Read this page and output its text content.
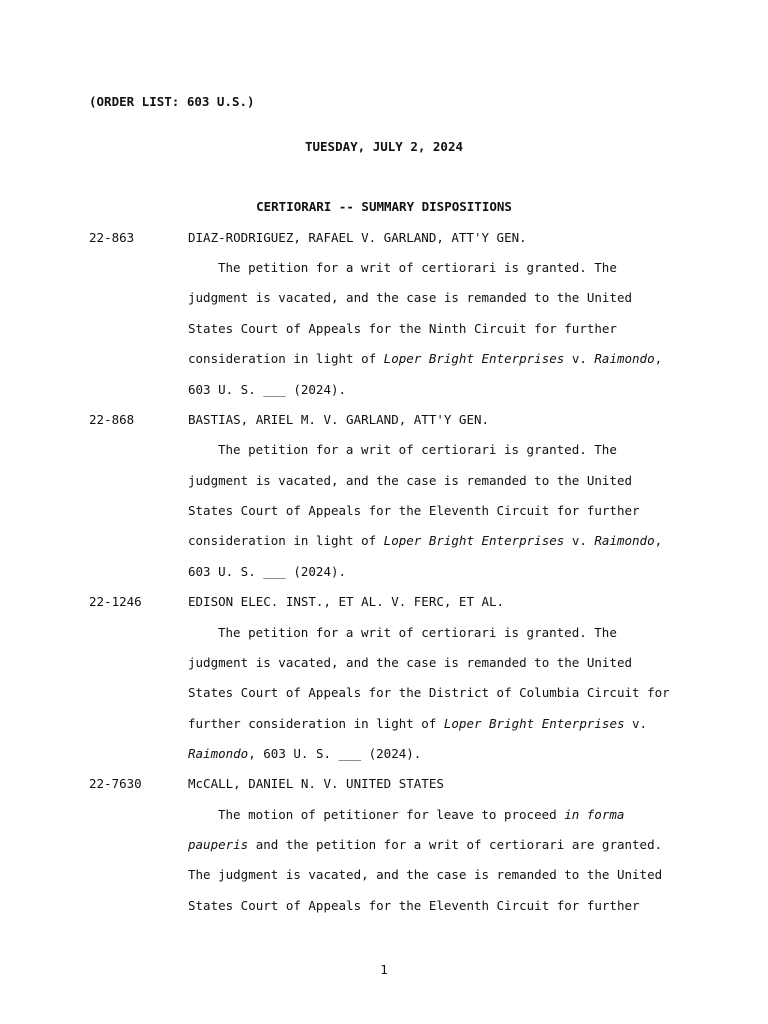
(ORDER LIST: 603 U.S.)
TUESDAY, JULY 2, 2024
CERTIORARI -- SUMMARY DISPOSITIONS
22-863	DIAZ-RODRIGUEZ, RAFAEL V. GARLAND, ATT'Y GEN.
The petition for a writ of certiorari is granted. The
judgment is vacated, and the case is remanded to the United
States Court of Appeals for the Ninth Circuit for further
consideration in light of Loper Bright Enterprises v. Raimondo,
603 U. S. ___ (2024).
22-868	BASTIAS, ARIEL M. V. GARLAND, ATT'Y GEN.
The petition for a writ of certiorari is granted. The
judgment is vacated, and the case is remanded to the United
States Court of Appeals for the Eleventh Circuit for further
consideration in light of Loper Bright Enterprises v. Raimondo,
603 U. S. ___ (2024).
22-1246	EDISON ELEC. INST., ET AL. V. FERC, ET AL.
The petition for a writ of certiorari is granted. The
judgment is vacated, and the case is remanded to the United
States Court of Appeals for the District of Columbia Circuit for
further consideration in light of Loper Bright Enterprises v.
Raimondo, 603 U. S. ___ (2024).
22-7630	McCALL, DANIEL N. V. UNITED STATES
The motion of petitioner for leave to proceed in forma
pauperis and the petition for a writ of certiorari are granted.
The judgment is vacated, and the case is remanded to the United
States Court of Appeals for the Eleventh Circuit for further
1
